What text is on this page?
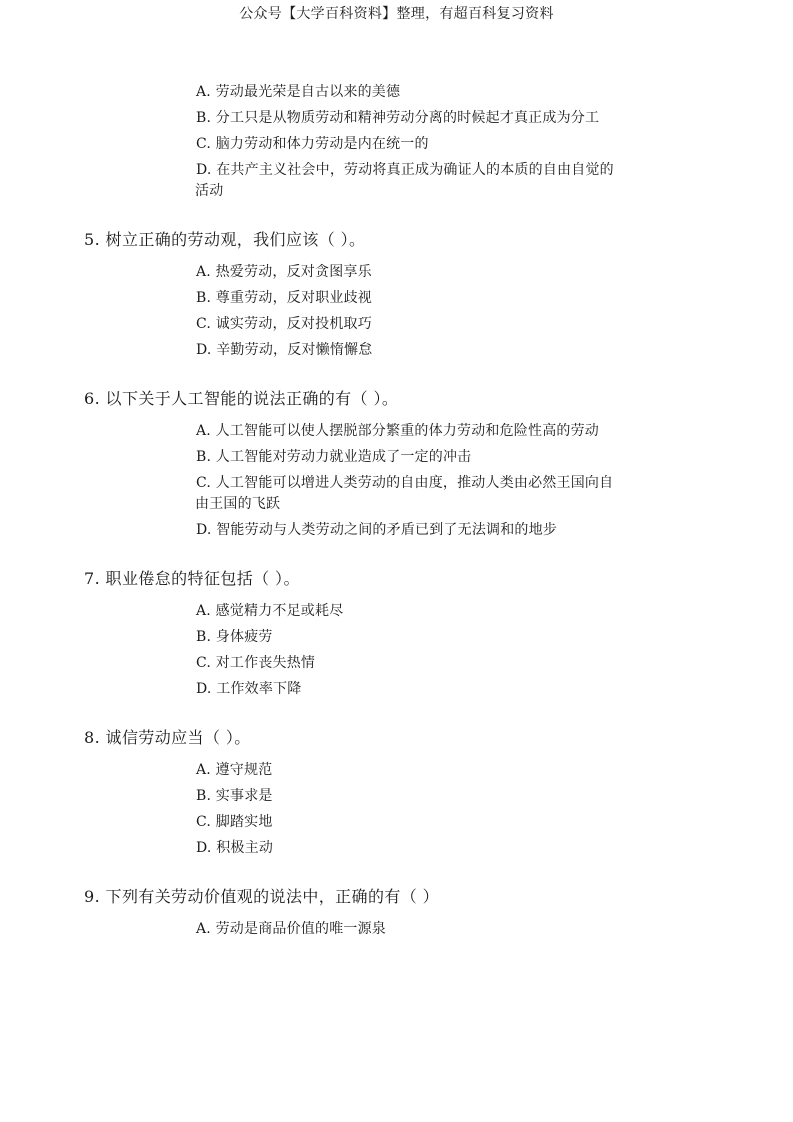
公众号【大学百科资料】整理，有超百科复习资料
A. 劳动最光荣是自古以来的美德
B. 分工只是从物质劳动和精神劳动分离的时候起才真正成为分工
C. 脑力劳动和体力劳动是内在统一的
D. 在共产主义社会中，劳动将真正成为确证人的本质的自由自觉的
活动
5. 树立正确的劳动观，我们应该（ ）。
A. 热爱劳动，反对贪图享乐
B. 尊重劳动，反对职业歧视
C. 诚实劳动，反对投机取巧
D. 辛勤劳动，反对懒惰懈怠
6. 以下关于人工智能的说法正确的有（ ）。
A. 人工智能可以使人摆脱部分繁重的体力劳动和危险性高的劳动
B. 人工智能对劳动力就业造成了一定的冲击
C. 人工智能可以增进人类劳动的自由度，推动人类由必然王国向自
由王国的飞跃
D. 智能劳动与人类劳动之间的矛盾已到了无法调和的地步
7. 职业倦怠的特征包括（ ）。
A. 感觉精力不足或耗尽
B. 身体疲劳
C. 对工作丧失热情
D. 工作效率下降
8. 诚信劳动应当（ ）。
A. 遵守规范
B. 实事求是
C. 脚踏实地
D. 积极主动
9. 下列有关劳动价值观的说法中，正确的有（ ）
A. 劳动是商品价值的唯一源泉
